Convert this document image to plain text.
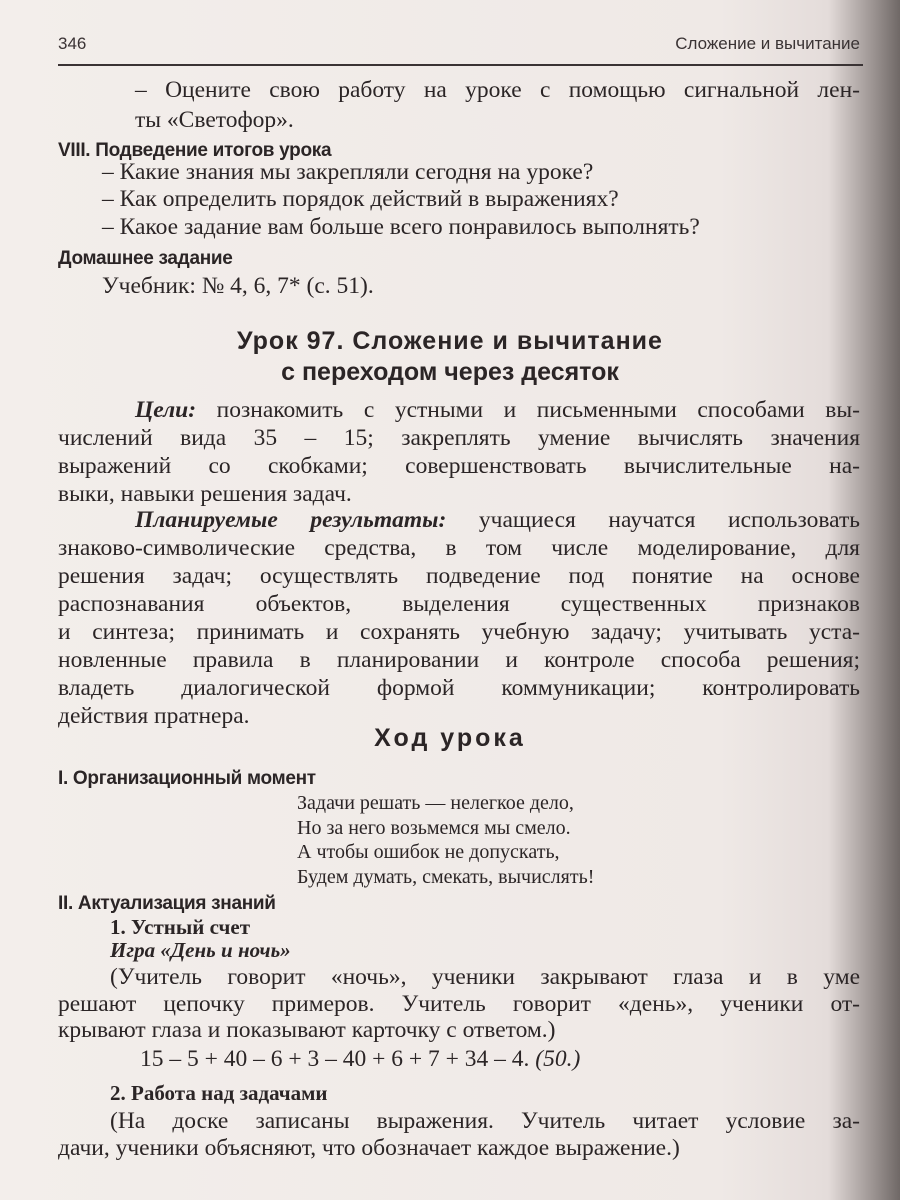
346	Сложение и вычитание
– Оцените свою работу на уроке с помощью сигнальной лен-
ты «Светофор».
VIII. Подведение итогов урока
– Какие знания мы закрепляли сегодня на уроке?
– Как определить порядок действий в выражениях?
– Какое задание вам больше всего понравилось выполнять?
Домашнее задание
Учебник: № 4, 6, 7* (с. 51).
Урок 97. Сложение и вычитание
с переходом через десяток
Цели: познакомить с устными и письменными способами вы-
числений вида 35 – 15; закреплять умение вычислять значения
выражений со скобками; совершенствовать вычислительные на-
выки, навыки решения задач.
Планируемые результаты: учащиеся научатся использовать
знаково-символические средства, в том числе моделирование, для
решения задач; осуществлять подведение под понятие на основе
распознавания объектов, выделения существенных признаков
и синтеза; принимать и сохранять учебную задачу; учитывать уста-
новленные правила в планировании и контроле способа решения;
владеть диалогической формой коммуникации; контролировать
действия пратнера.
Ход урока
I. Организационный момент
Задачи решать — нелегкое дело,
Но за него возьмемся мы смело.
А чтобы ошибок не допускать,
Будем думать, смекать, вычислять!
II. Актуализация знаний
1. Устный счет
Игра «День и ночь»
(Учитель говорит «ночь», ученики закрывают глаза и в уме
решают цепочку примеров. Учитель говорит «день», ученики от-
крывают глаза и показывают карточку с ответом.)
15 – 5 + 40 – 6 + 3 – 40 + 6 + 7 + 34 – 4. (50.)
2. Работа над задачами
(На доске записаны выражения. Учитель читает условие за-
дачи, ученики объясняют, что обозначает каждое выражение.)
